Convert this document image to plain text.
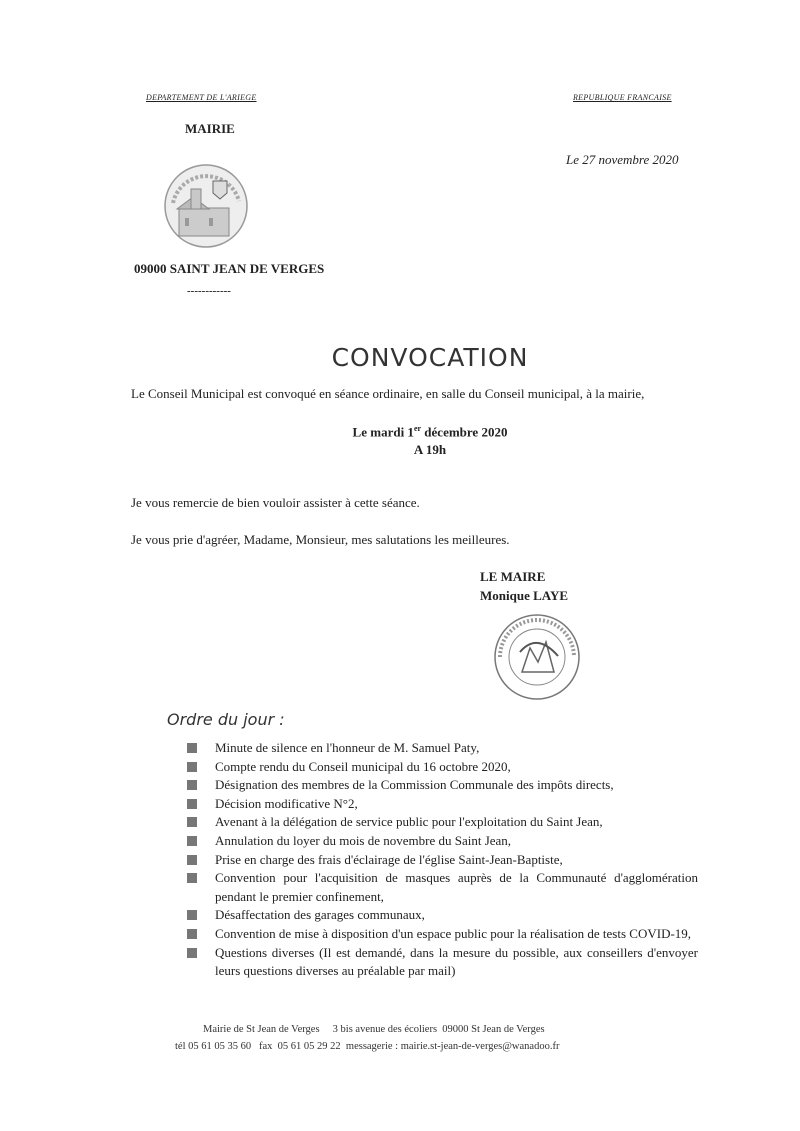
DEPARTEMENT DE L'ARIEGE	REPUBLIQUE FRANCAISE
MAIRIE
Le 27 novembre 2020
09000 SAINT JEAN DE VERGES
------------
CONVOCATION
Le Conseil Municipal est convoqué en séance ordinaire, en salle du Conseil municipal, à la mairie,
Le mardi 1er décembre 2020
A 19h
Je vous remercie de bien vouloir assister à cette séance.
Je vous prie d'agréer, Madame, Monsieur, mes salutations les meilleures.
LE MAIRE
Monique LAYE
Ordre du jour :
Minute de silence en l'honneur de M. Samuel Paty,
Compte rendu du Conseil municipal du 16 octobre 2020,
Désignation des membres de la Commission Communale des impôts directs,
Décision modificative N°2,
Avenant à la délégation de service public pour l'exploitation du Saint Jean,
Annulation du loyer du mois de novembre du Saint Jean,
Prise en charge des frais d'éclairage de l'église Saint-Jean-Baptiste,
Convention pour l'acquisition de masques auprès de la Communauté d'agglomération pendant le premier confinement,
Désaffectation des garages communaux,
Convention de mise à disposition d'un espace public pour la réalisation de tests COVID-19,
Questions diverses (Il est demandé, dans la mesure du possible, aux conseillers d'envoyer leurs questions diverses au préalable par mail)
Mairie de St Jean de Verges     3 bis avenue des écoliers  09000 St Jean de Verges
tél 05 61 05 35 60   fax  05 61 05 29 22  messagerie : mairie.st-jean-de-verges@wanadoo.fr
